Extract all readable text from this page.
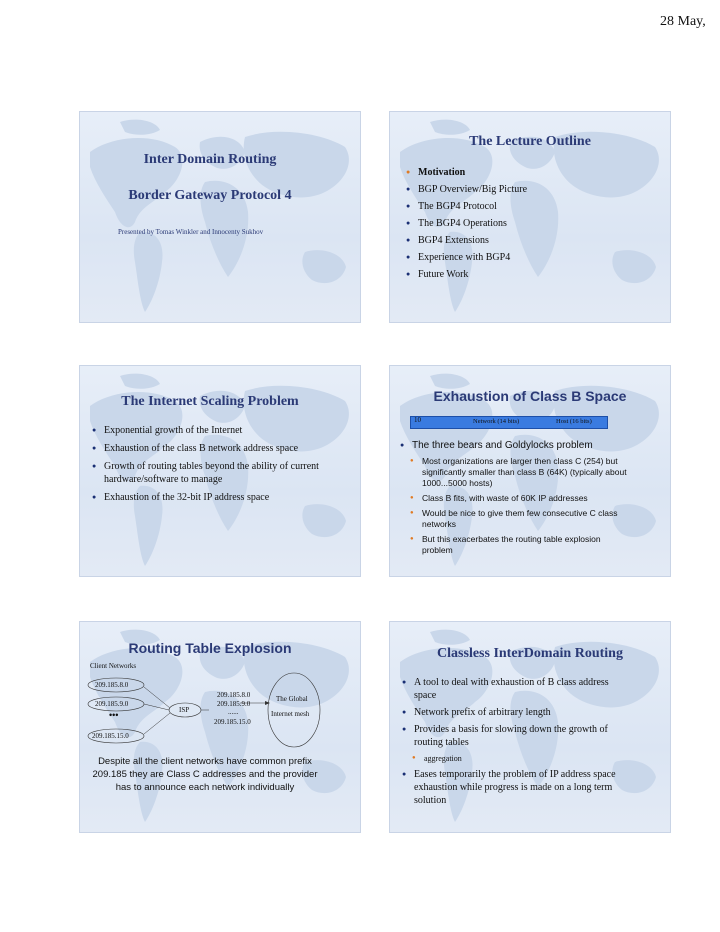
28 May,
Inter Domain Routing
Border Gateway Protocol 4
Presented by Tomas Winkler and Innocenty Sukhov
The Lecture Outline
● Motivation
● BGP Overview/Big Picture
● The BGP4 Protocol
● The BGP4 Operations
● BGP4 Extensions
● Experience with BGP4
● Future Work
The Internet Scaling Problem
● Exponential growth of the Internet
● Exhaustion of the class B network address space
● Growth of routing tables beyond the ability of current hardware/software to manage
● Exhaustion of the 32-bit IP address space
Exhaustion of Class B Space
10	Network (14 bits)	Host (16 bits)
● The three bears and Goldylocks problem
● Most organizations are larger then class C (254) but significantly smaller than class B (64K) (typically about 1000...5000 hosts)
● Class B fits, with waste of 60K IP addresses
● Would be nice to give them few consecutive C class networks
● But this exacerbates the routing table explosion problem
Routing Table Explosion
Client Networks
209.185.8.0
209.185.9.0
•••
209.185.15.0
ISP
209.185.8.0
209.185.9.0
......
209.185.15.0
The Global
Internet mesh
Despite all the client networks have common prefix 209.185 they are Class C addresses and the provider has to announce each network individually
Classless InterDomain Routing
● A tool to deal with exhaustion of B class address space
● Network prefix of arbitrary length
● Provides a basis for slowing down the growth of routing tables
● aggregation
● Eases temporarily the problem of IP address space exhaustion while progress is made on a long term solution
